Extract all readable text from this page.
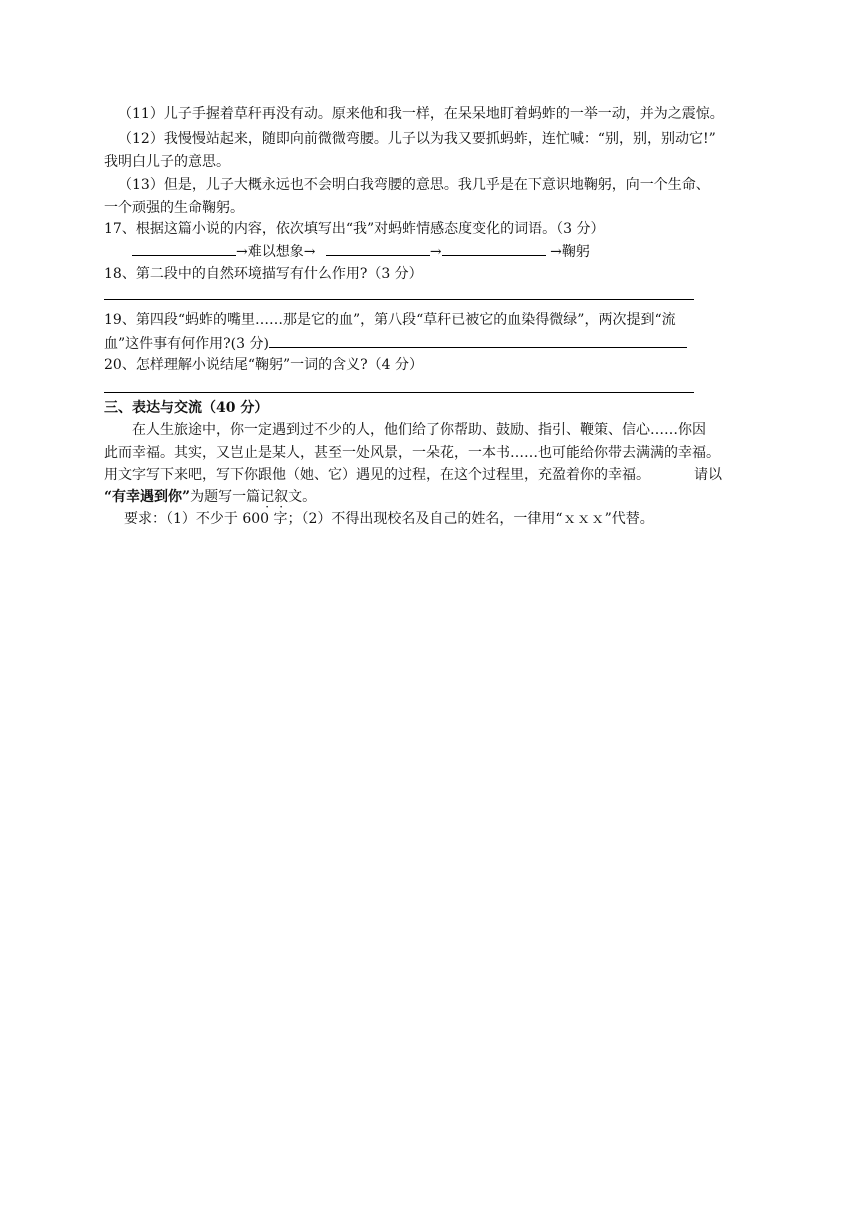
（11）儿子手握着草秆再没有动。原来他和我一样，在呆呆地盯着蚂蚱的一举一动，并为之震惊。
（12）我慢慢站起来，随即向前微微弯腰。儿子以为我又要抓蚂蚱，连忙喊：“别，别，别动它!”
我明白儿子的意思。
（13）但是，儿子大概永远也不会明白我弯腰的意思。我几乎是在下意识地鞠躬，向一个生命、
一个顽强的生命鞠躬。
17、根据这篇小说的内容，依次填写出“我”对蚂蚱情感态度变化的词语。（3 分）
→难以想象→	→	→鞠躬
18、第二段中的自然环境描写有什么作用?（3 分）
19、第四段“蚂蚱的嘴里……那是它的血”，第八段“草秆已被它的血染得微绿”，两次提到“流
血”这件事有何作用?(3 分)
20、怎样理解小说结尾“鞠躬”一词的含义?（4 分）
三、表达与交流（40 分）
在人生旅途中，你一定遇到过不少的人，他们给了你帮助、鼓励、指引、鞭策、信心……你因
此而幸福。其实，又岂止是某人，甚至一处风景，一朵花，一本书……也可能给你带去满满的幸福。
用文字写下来吧，写下你跟他（她、它）遇见的过程，在这个过程里，充盈着你的幸福。	请以
“有幸遇到你”为题写一篇记叙文。
要求：（1）不少于 600 字；（2）不得出现校名及自己的姓名，一律用“ｘｘｘ”代替。
